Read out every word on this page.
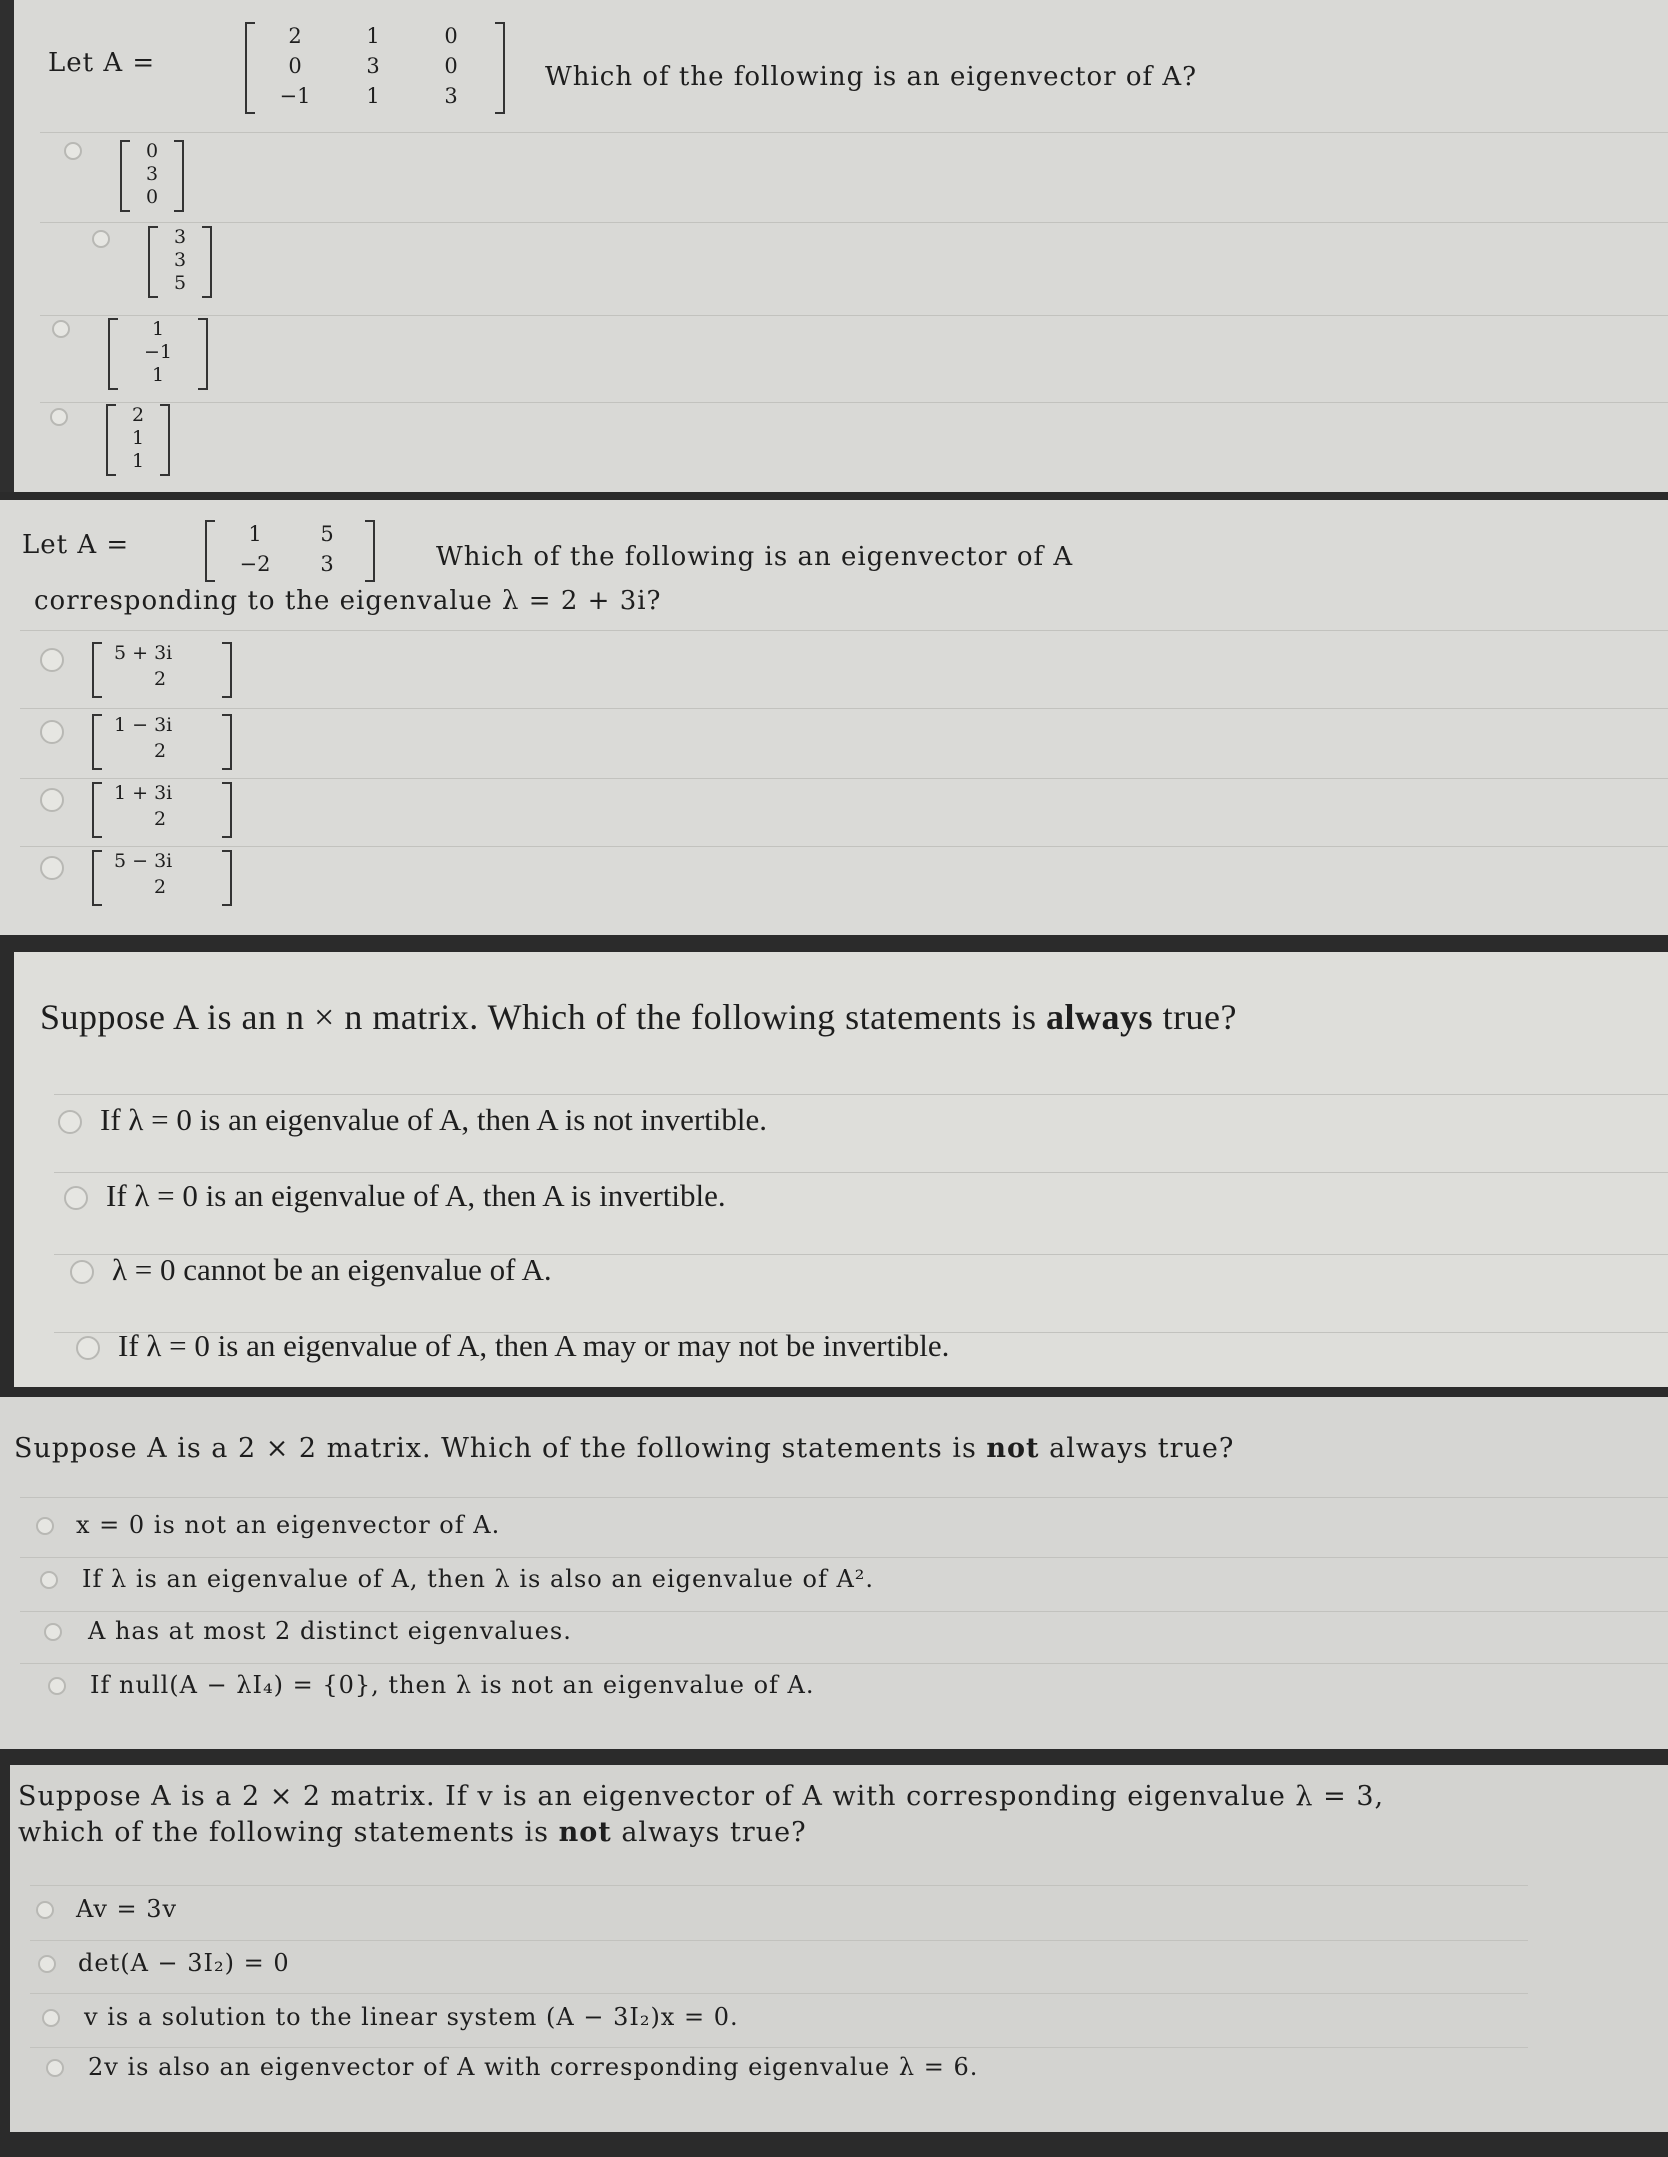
Let A =
2	1	0
0	3	0
−1	1	3
Which of the following is an eigenvector of A?
0
3
0
3
3
5
1
−1
1
2
1
1
Let A =	1	5
−2	3	Which of the following is an eigenvector of A
corresponding to the eigenvalue λ = 2 + 3i?
5 + 3i
2
1 − 3i
2
1 + 3i
2
5 − 3i
2
Suppose A is an n × n matrix. Which of the following statements is always true?
If λ = 0 is an eigenvalue of A, then A is not invertible.
If λ = 0 is an eigenvalue of A, then A is invertible.
λ = 0 cannot be an eigenvalue of A.
If λ = 0 is an eigenvalue of A, then A may or may not be invertible.
Suppose A is a 2 × 2 matrix. Which of the following statements is not always true?
x = 0 is not an eigenvector of A.
If λ is an eigenvalue of A, then λ is also an eigenvalue of A².
A has at most 2 distinct eigenvalues.
If null(A − λI₄) = {0}, then λ is not an eigenvalue of A.
Suppose A is a 2 × 2 matrix. If v is an eigenvector of A with corresponding eigenvalue λ = 3,
which of the following statements is not always true?
Av = 3v
det(A − 3I₂) = 0
v is a solution to the linear system (A − 3I₂)x = 0.
2v is also an eigenvector of A with corresponding eigenvalue λ = 6.
